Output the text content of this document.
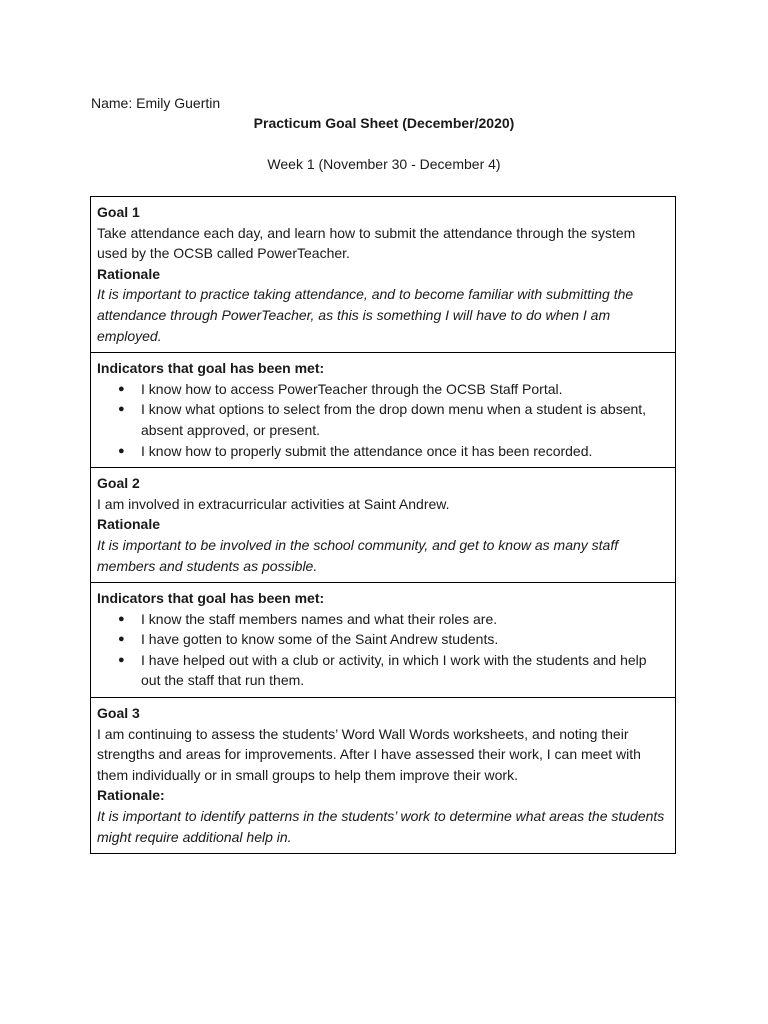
Name: Emily Guertin
Practicum Goal Sheet (December/2020)
Week 1 (November 30 - December 4)
Goal 1
Take attendance each day, and learn how to submit the attendance through the system used by the OCSB called PowerTeacher.
Rationale
It is important to practice taking attendance, and to become familiar with submitting the attendance through PowerTeacher, as this is something I will have to do when I am employed.

Indicators that goal has been met:
● I know how to access PowerTeacher through the OCSB Staff Portal.
● I know what options to select from the drop down menu when a student is absent, absent approved, or present.
● I know how to properly submit the attendance once it has been recorded.

Goal 2
I am involved in extracurricular activities at Saint Andrew.
Rationale
It is important to be involved in the school community, and get to know as many staff members and students as possible.

Indicators that goal has been met:
● I know the staff members names and what their roles are.
● I have gotten to know some of the Saint Andrew students.
● I have helped out with a club or activity, in which I work with the students and help out the staff that run them.

Goal 3
I am continuing to assess the students’ Word Wall Words worksheets, and noting their strengths and areas for improvements. After I have assessed their work, I can meet with them individually or in small groups to help them improve their work.
Rationale:
It is important to identify patterns in the students’ work to determine what areas the students might require additional help in.
